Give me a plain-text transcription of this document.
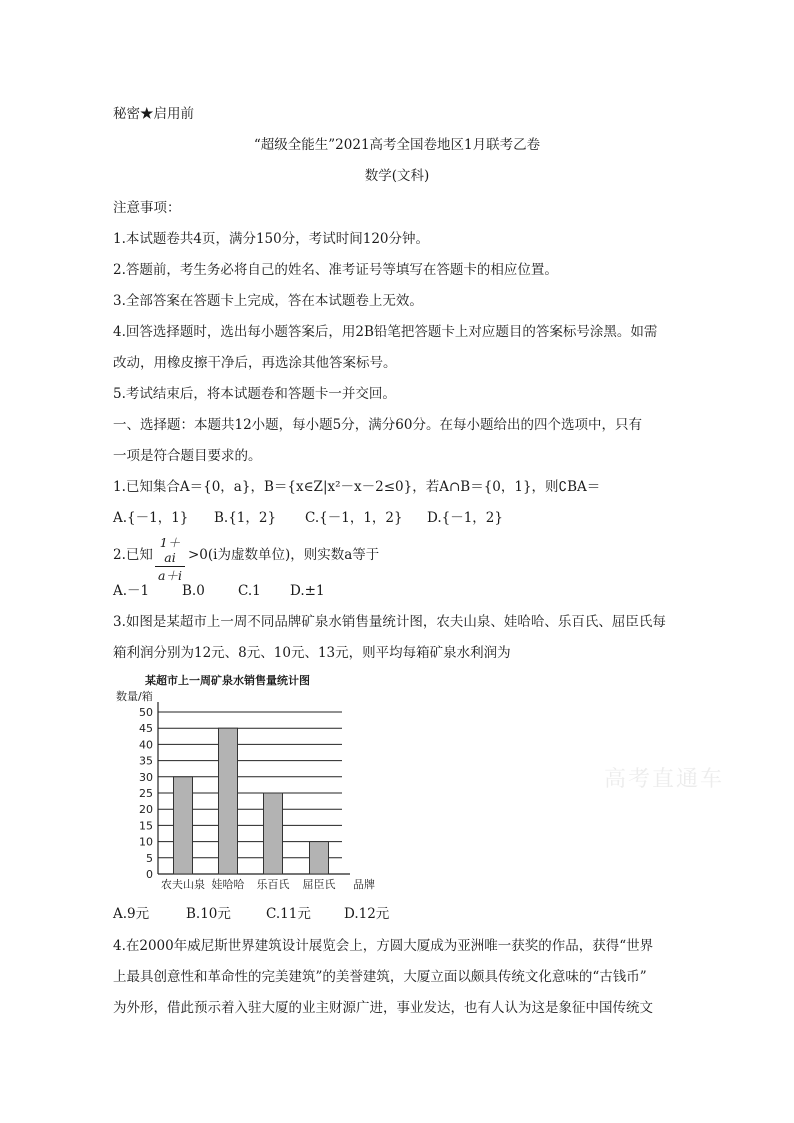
秘密★启用前
“超级全能生”2021高考全国卷地区1月联考乙卷
数学(文科)
注意事项：
1.本试题卷共4页，满分150分，考试时间120分钟。
2.答题前，考生务必将自己的姓名、准考证号等填写在答题卡的相应位置。
3.全部答案在答题卡上完成，答在本试题卷上无效。
4.回答选择题时，选出每小题答案后，用2B铅笔把答题卡上对应题目的答案标号涂黑。如需
改动，用橡皮擦干净后，再选涂其他答案标号。
5.考试结束后，将本试题卷和答题卡一并交回。
一、选择题：本题共12小题，每小题5分，满分60分。在每小题给出的四个选项中，只有
一项是符合题目要求的。
1.已知集合A＝{0，a}，B＝{x∈Z|x²－x－2≤0}，若A∩B＝{0，1}，则∁BA＝
A.{－1，1} B.{1，2} C.{－1，1，2} D.{－1，2}
2.已知
1＋ai
a＋i
>0(i为虚数单位)，则实数a等于
A.－1 B.0 C.1 D.±1
3.如图是某超市上一周不同品牌矿泉水销售量统计图，农夫山泉、娃哈哈、乐百氏、屈臣氏每
箱利润分别为12元、8元、10元、13元，则平均每箱矿泉水利润为
某超市上一周矿泉水销售量统计图
0
5
10
15
20
25
30
35
40
45
50
数量/箱
农夫山泉 娃哈哈 乐百氏 屈臣氏 品牌
A.9元	B.10元	C.11元 D.12元
4.在2000年威尼斯世界建筑设计展览会上，方圆大厦成为亚洲唯一获奖的作品，获得“世界
上最具创意性和革命性的完美建筑”的美誉建筑，大厦立面以颇具传统文化意味的“古钱币”
为外形，借此预示着入驻大厦的业主财源广进，事业发达，也有人认为这是象征中国传统文
⾼考直通车
